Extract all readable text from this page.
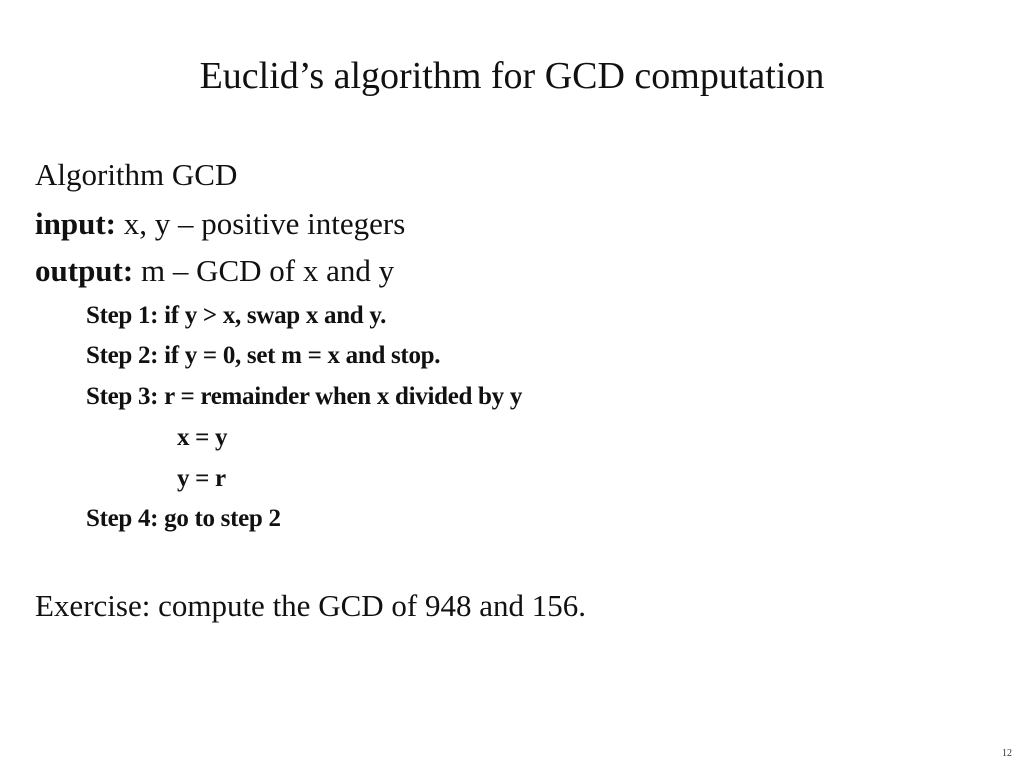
Euclid’s algorithm for GCD computation
Algorithm GCD
input: x, y – positive integers
output: m – GCD of x and y
Step 1: if y > x, swap x and y.
Step 2: if y = 0, set m = x and stop.
Step 3: r = remainder when x divided by y
x = y
y = r
Step 4: go to step 2
Exercise: compute the GCD of 948 and 156.
12
